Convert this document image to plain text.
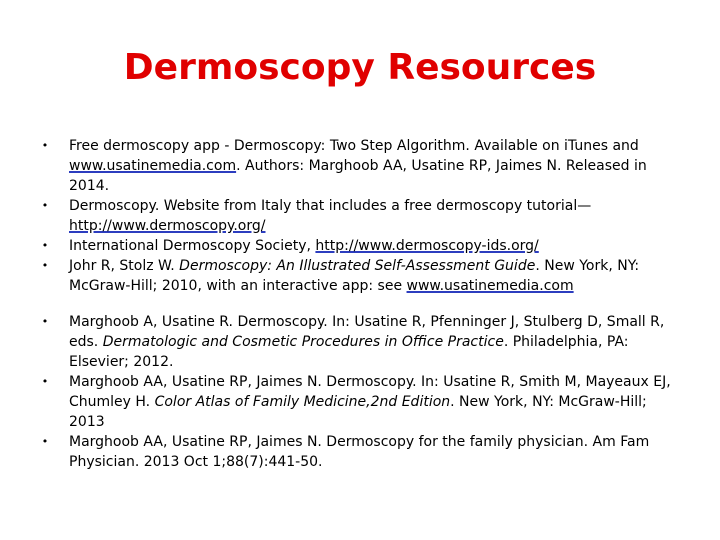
Dermoscopy Resources
• Free dermoscopy app - Dermoscopy: Two Step Algorithm. Available on iTunes and www.usatinemedia.com. Authors: Marghoob AA, Usatine RP, Jaimes N. Released in 2014.
• Dermoscopy. Website from Italy that includes a free dermoscopy tutorial—http://www.dermoscopy.org/
• International Dermoscopy Society, http://www.dermoscopy-ids.org/
• Johr R, Stolz W. Dermoscopy: An Illustrated Self-Assessment Guide. New York, NY: McGraw-Hill; 2010, with an interactive app: see www.usatinemedia.com
• Marghoob A, Usatine R. Dermoscopy. In: Usatine R, Pfenninger J, Stulberg D, Small R, eds. Dermatologic and Cosmetic Procedures in Office Practice. Philadelphia, PA: Elsevier; 2012.
• Marghoob AA, Usatine RP, Jaimes N. Dermoscopy. In: Usatine R, Smith M, Mayeaux EJ, Chumley H. Color Atlas of Family Medicine,2nd Edition. New York, NY: McGraw-Hill; 2013
• Marghoob AA, Usatine RP, Jaimes N. Dermoscopy for the family physician. Am Fam Physician. 2013 Oct 1;88(7):441-50.
